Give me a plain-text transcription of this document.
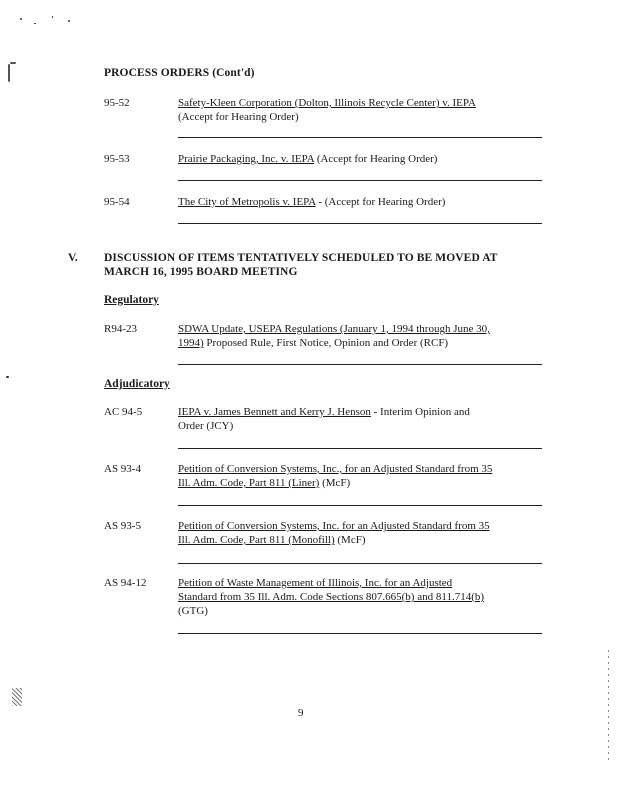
PROCESS ORDERS (Cont'd)
95-52	Safety-Kleen Corporation (Dolton, Illinois Recycle Center) v. IEPA
(Accept for Hearing Order)
95-53	Prairie Packaging, Inc. v. IEPA (Accept for Hearing Order)
95-54	The City of Metropolis v. IEPA - (Accept for Hearing Order)
V. DISCUSSION OF ITEMS TENTATIVELY SCHEDULED TO BE MOVED AT
MARCH 16, 1995 BOARD MEETING
Regulatory
R94-23	SDWA Update, USEPA Regulations (January 1, 1994 through June 30,
1994) Proposed Rule, First Notice, Opinion and Order (RCF)
Adjudicatory
AC 94-5	IEPA v. James Bennett and Kerry J. Henson - Interim Opinion and
Order (JCY)
AS 93-4	Petition of Conversion Systems, Inc., for an Adjusted Standard from 35
Ill. Adm. Code, Part 811 (Liner) (McF)
AS 93-5	Petition of Conversion Systems, Inc. for an Adjusted Standard from 35
Ill. Adm. Code, Part 811 (Monofill) (McF)
AS 94-12	Petition of Waste Management of Illinois, Inc. for an Adjusted
Standard from 35 Ill. Adm. Code Sections 807.665(b) and 811.714(b)
(GTG)
9
